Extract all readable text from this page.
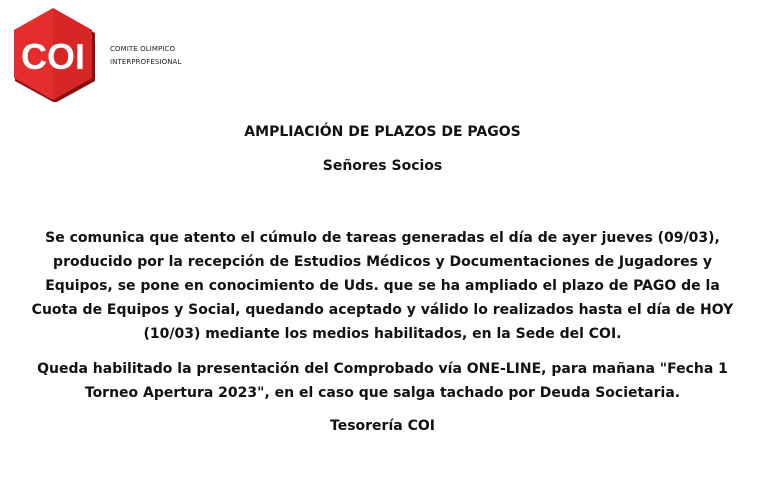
COI	COMITE OLIMPICO
INTERPROFESIONAL
AMPLIACIÓN DE PLAZOS DE PAGOS
Señores Socios
Se comunica que atento el cúmulo de tareas generadas el día de ayer jueves (09/03), producido por la recepción de Estudios Médicos y Documentaciones de Jugadores y Equipos, se pone en conocimiento de Uds. que se ha ampliado el plazo de PAGO de la Cuota de Equipos y Social, quedando aceptado y válido lo realizados hasta el día de HOY (10/03) mediante los medios habilitados, en la Sede del COI.
Queda habilitado la presentación del Comprobado vía ONE-LINE, para mañana "Fecha 1 Torneo Apertura 2023", en el caso que salga tachado por Deuda Societaria.
Tesorería COI
